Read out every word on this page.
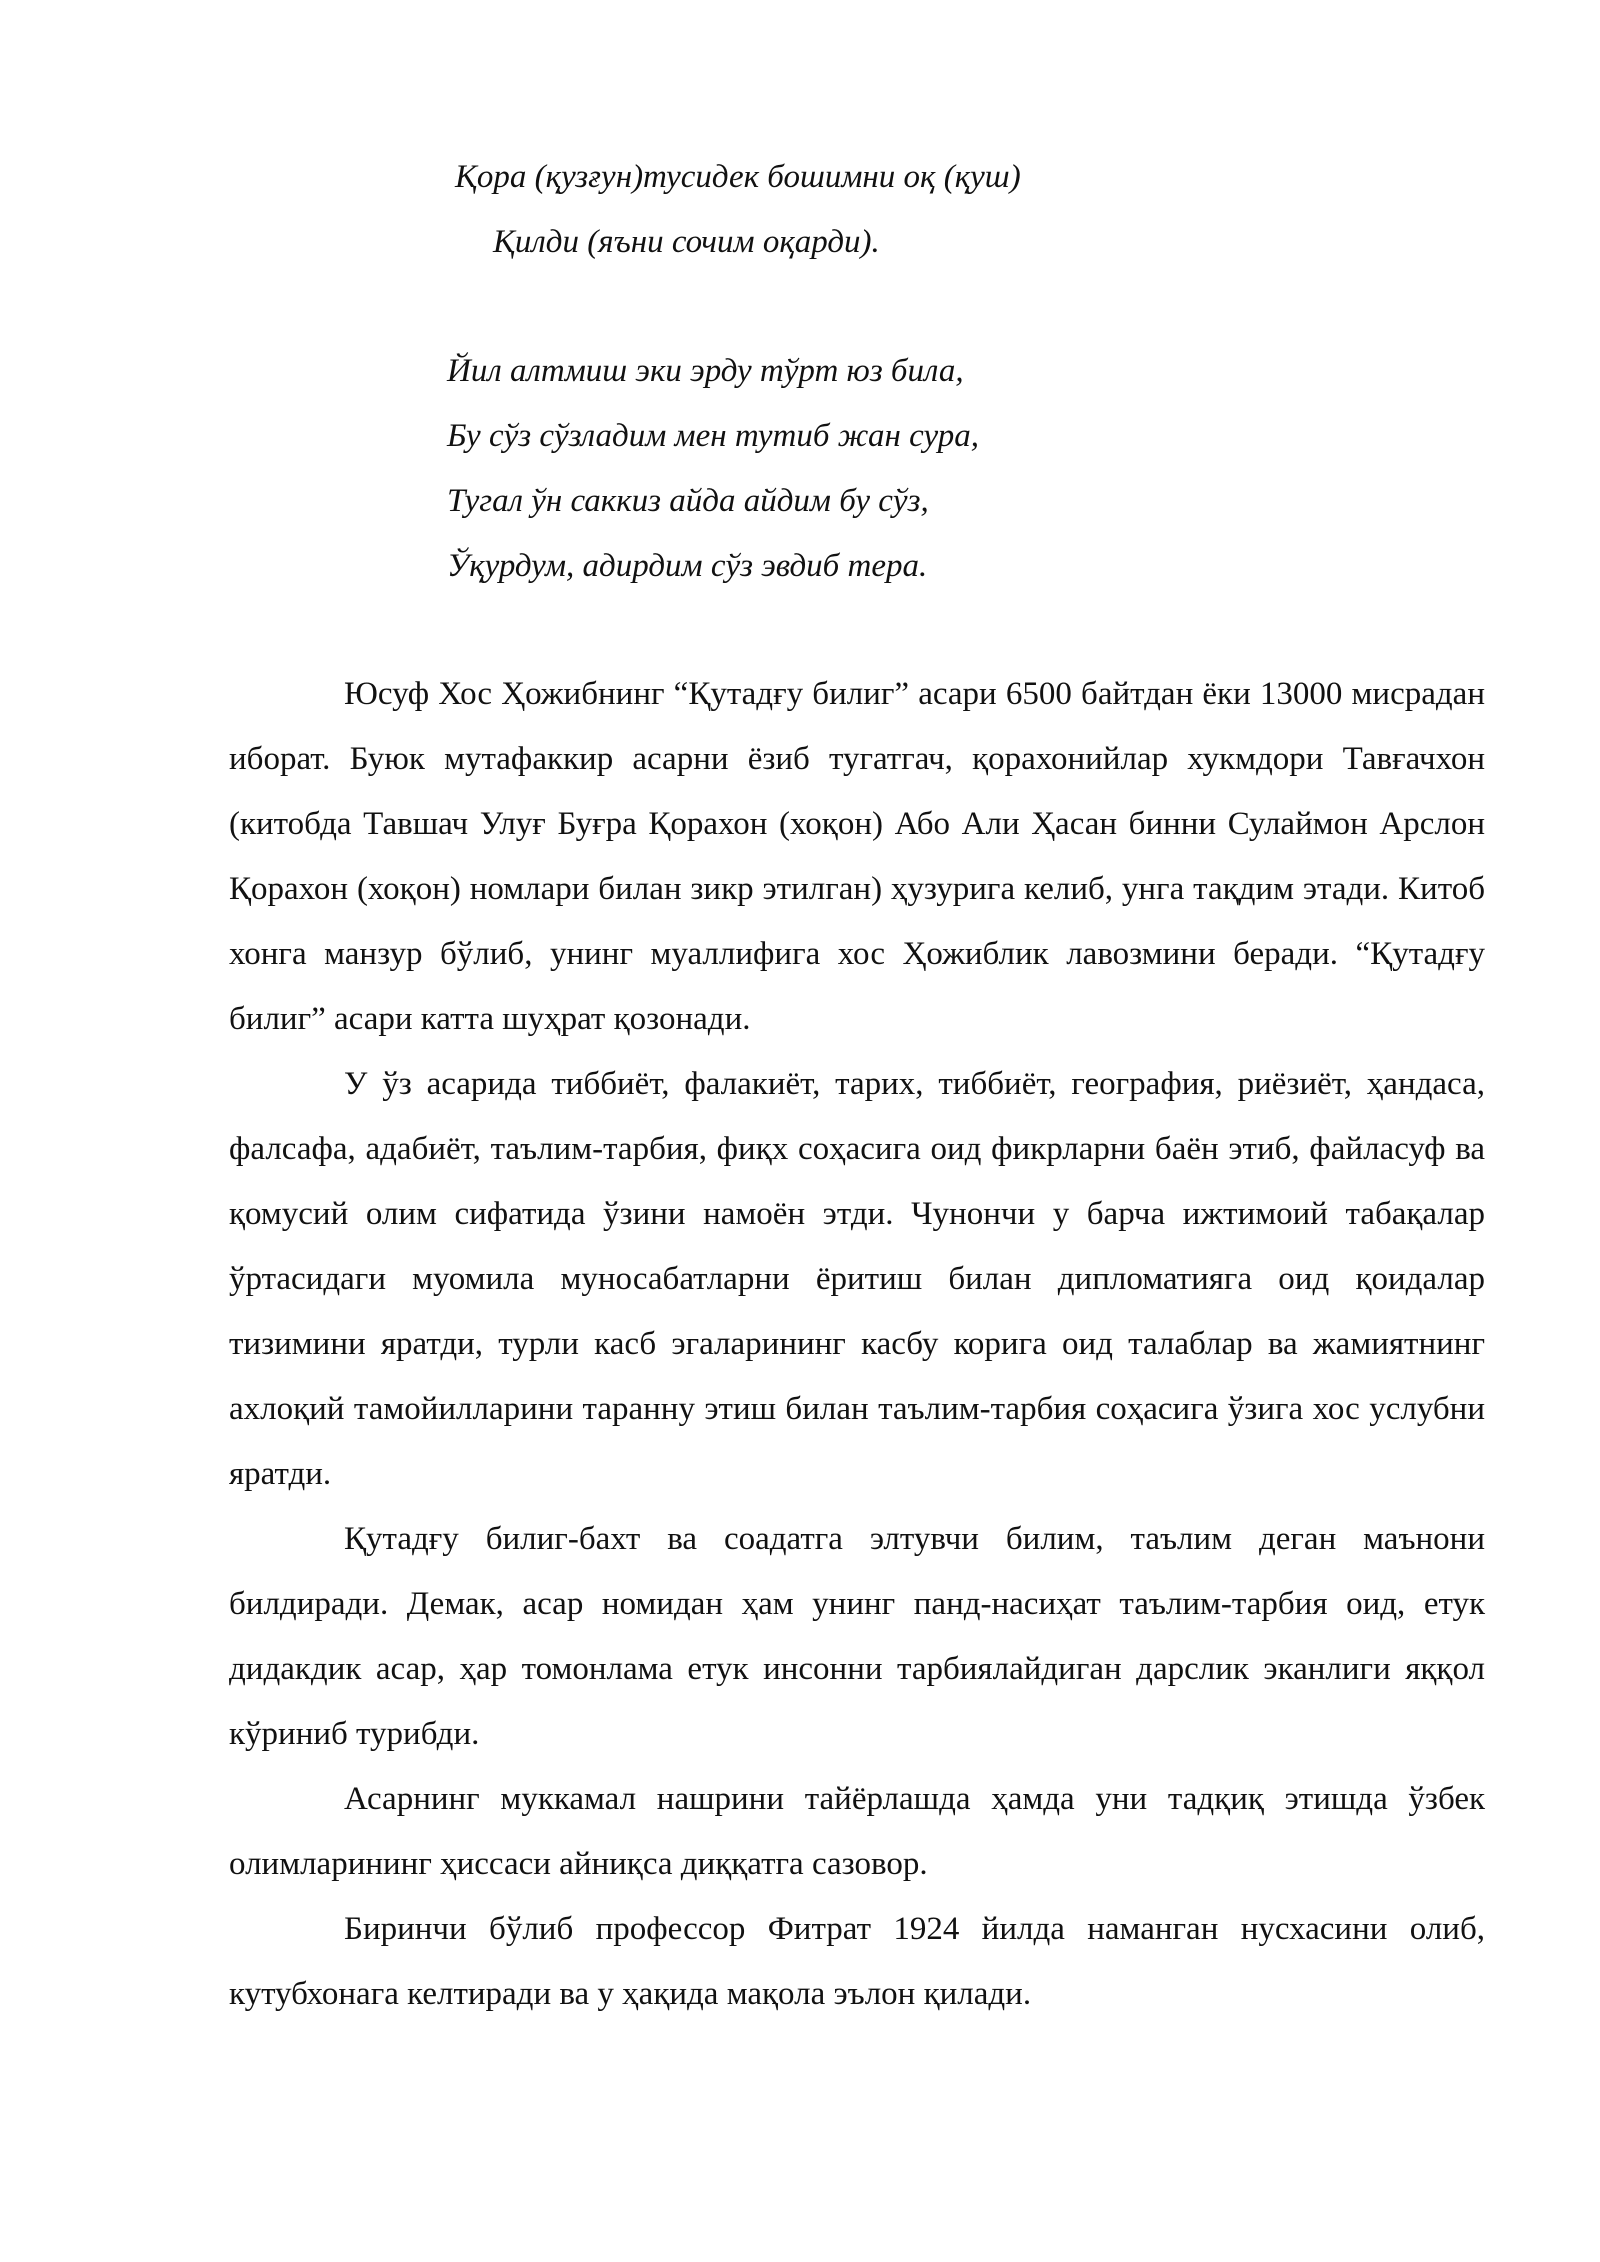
Қора (қузғун)тусидек бошимни оқ (қуш)
Қилди (яъни сочим оқарди).
Йил алтмиш эки эрду тўрт юз била,
Бу сўз сўзладим мен тутиб жан сура,
Тугал ўн саккиз айда айдим бу сўз,
Ўқурдум, адирдим сўз эвдиб тера.

Юсуф Хос Ҳожибнинг “Қутадғу билиг” асари 6500 байтдан ёки 13000 мисрадан иборат. Буюк мутафаккир асарни ёзиб тугатгач, қорахонийлар хукмдори Тавғачхон (китобда Тавшач Улуғ Буғра Қорахон (хоқон) Або Али Ҳасан бинни Сулаймон Арслон Қорахон (хоқон) номлари билан зикр этилган) ҳузурига келиб, унга тақдим этади. Китоб хонга манзур бўлиб, унинг муаллифига хос Ҳожиблик лавозмини беради. “Қутадғу билиг” асари катта шуҳрат қозонади.

У ўз асарида тиббиёт, фалакиёт, тарих, тиббиёт, география, риёзиёт, ҳандаса, фалсафа, адабиёт, таълим-тарбия, фиқх соҳасига оид фикрларни баён этиб, файласуф ва қомусий олим сифатида ўзини намоён этди. Чунончи у барча ижтимоий табақалар ўртасидаги муомила муносабатларни ёритиш билан дипломатияга оид қоидалар тизимини яратди, турли касб эгаларининг касбу корига оид талаблар ва жамиятнинг ахлоқий тамойилларини таранну этиш билан таълим-тарбия соҳасига ўзига хос услубни яратди.

Қутадғу билиг-бахт ва соадатга элтувчи билим, таълим деган маънони билдиради. Демак, асар номидан ҳам унинг панд-насиҳат таълим-тарбия оид, етук дидакдик асар, ҳар томонлама етук инсонни тарбиялайдиган дарслик эканлиги яққол кўриниб турибди.

Асарнинг муккамал нашрини тайёрлашда ҳамда уни тадқиқ этишда ўзбек олимларининг ҳиссаси айниқса диққатга сазовор.

Биринчи бўлиб профессор Фитрат 1924 йилда наманган нусхасини олиб, кутубхонага келтиради ва у ҳақида мақола эълон қилади.
